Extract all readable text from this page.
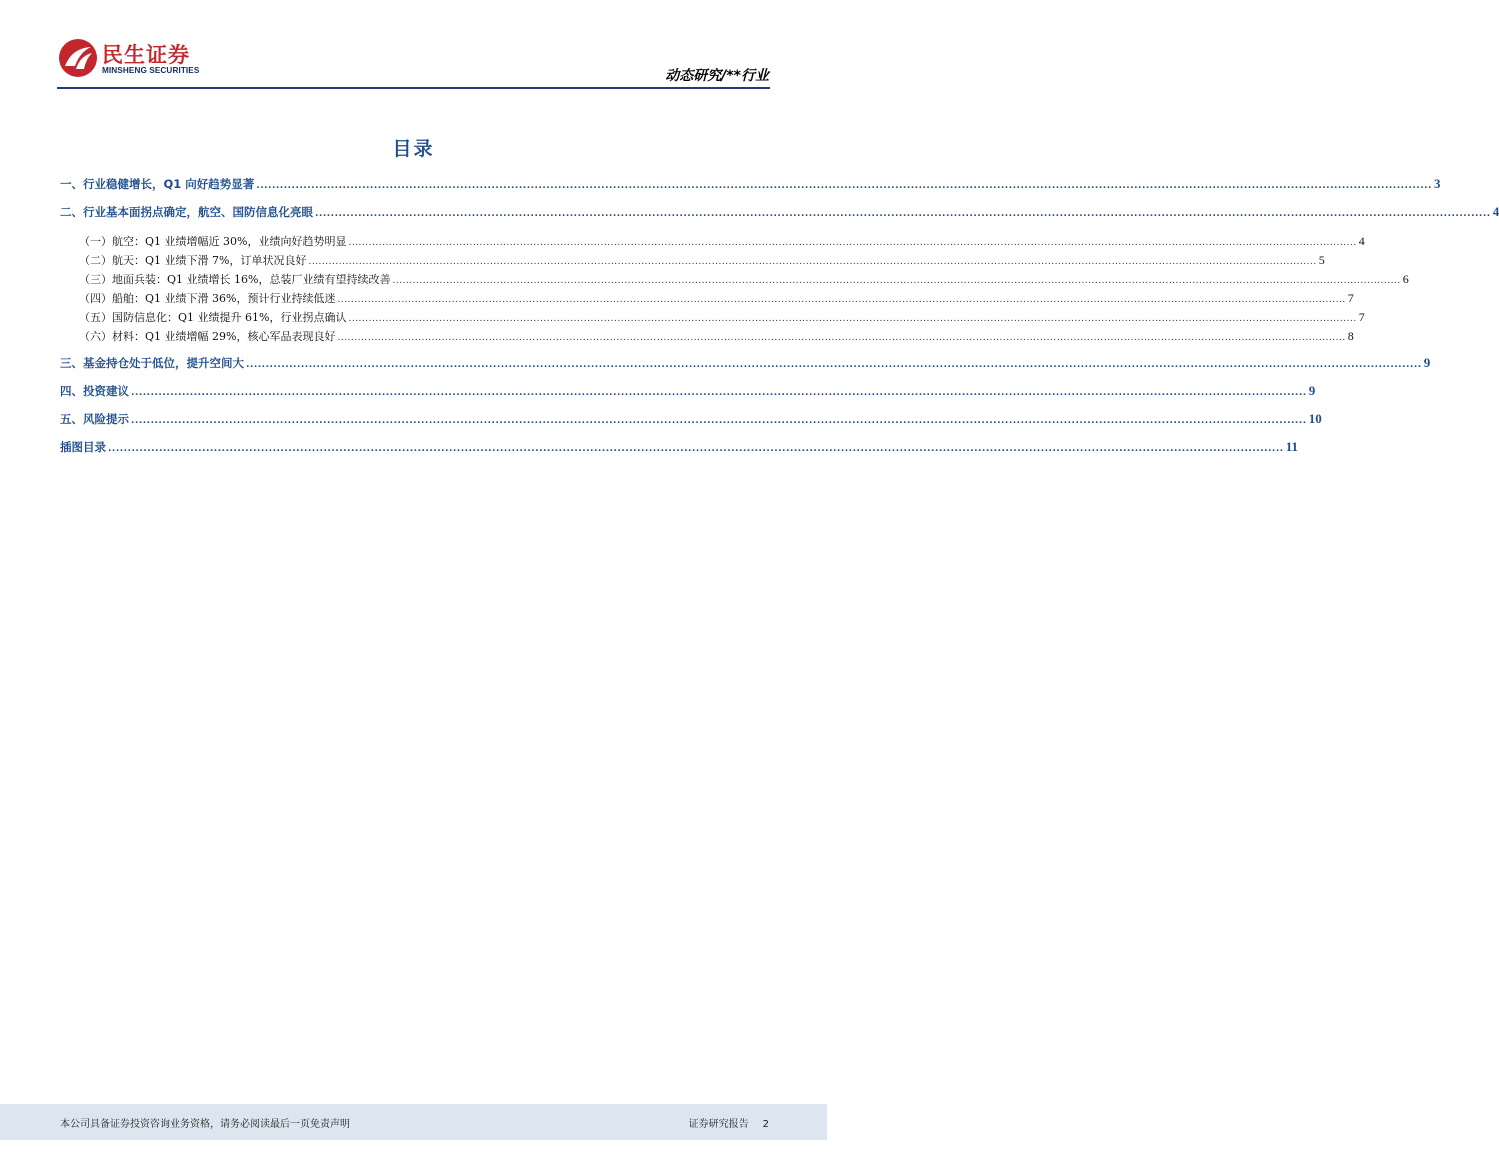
民生证券
MINSHENG SECURITIES	动态研究/**行业
目录
一、行业稳健增长，Q1 向好趋势显著 ............................................................................................................................................................................................................................................................................................................ 3
二、行业基本面拐点确定，航空、国防信息化亮眼 ............................................................................................................................................................................................................................................................................................................ 4
（一）航空：Q1 业绩增幅近 30%，业绩向好趋势明显 ............................................................................................................................................................................................................................................................................................................ 4
（二）航天：Q1 业绩下滑 7%，订单状况良好 ............................................................................................................................................................................................................................................................................................................ 5
（三）地面兵装：Q1 业绩增长 16%，总装厂业绩有望持续改善 ............................................................................................................................................................................................................................................................................................................ 6
（四）船舶：Q1 业绩下滑 36%，预计行业持续低迷 ............................................................................................................................................................................................................................................................................................................ 7
（五）国防信息化：Q1 业绩提升 61%，行业拐点确认 ............................................................................................................................................................................................................................................................................................................ 7
（六）材料：Q1 业绩增幅 29%，核心军品表现良好 ............................................................................................................................................................................................................................................................................................................ 8
三、基金持仓处于低位，提升空间大 ............................................................................................................................................................................................................................................................................................................ 9
四、投资建议 ............................................................................................................................................................................................................................................................................................................ 9
五、风险提示 ............................................................................................................................................................................................................................................................................................................ 10
插图目录 ............................................................................................................................................................................................................................................................................................................ 11
本公司具备证券投资咨询业务资格，请务必阅读最后一页免责声明	证券研究报告 2
